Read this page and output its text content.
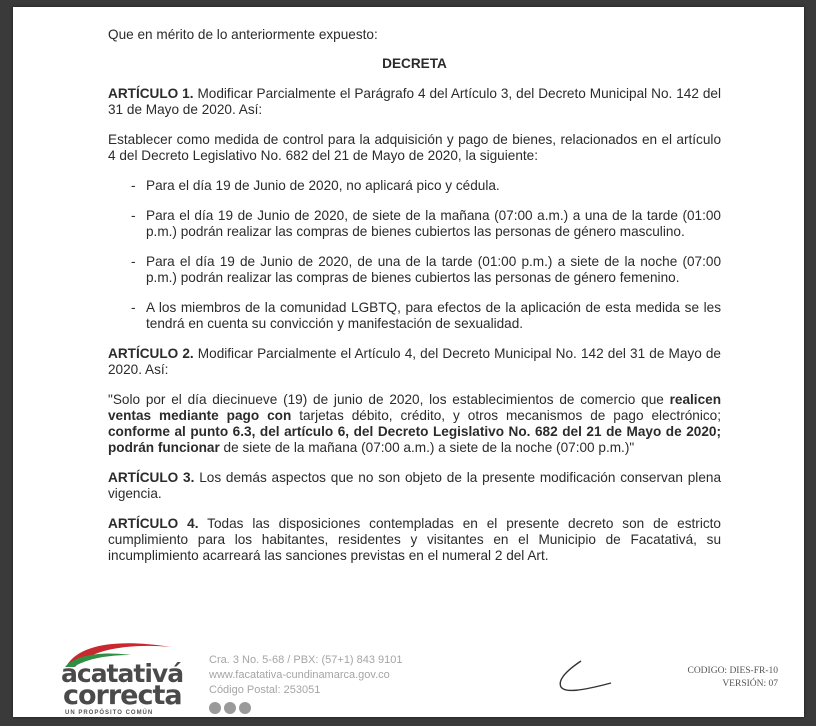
Que en mérito de lo anteriormente expuesto:

DECRETA

ARTÍCULO 1. Modificar Parcialmente el Parágrafo 4 del Artículo 3, del Decreto Municipal No. 142 del 31 de Mayo de 2020. Así:

Establecer como medida de control para la adquisición y pago de bienes, relacionados en el artículo 4 del Decreto Legislativo No. 682 del 21 de Mayo de 2020, la siguiente:

- Para el día 19 de Junio de 2020, no aplicará pico y cédula.
- Para el día 19 de Junio de 2020, de siete de la mañana (07:00 a.m.) a una de la tarde (01:00 p.m.) podrán realizar las compras de bienes cubiertos las personas de género masculino.
- Para el día 19 de Junio de 2020, de una de la tarde (01:00 p.m.) a siete de la noche (07:00 p.m.) podrán realizar las compras de bienes cubiertos las personas de género femenino.
- A los miembros de la comunidad LGBTQ, para efectos de la aplicación de esta medida se les tendrá en cuenta su convicción y manifestación de sexualidad.

ARTÍCULO 2. Modificar Parcialmente el Artículo 4, del Decreto Municipal No. 142 del 31 de Mayo de 2020. Así:

"Solo por el día diecinueve (19) de junio de 2020, los establecimientos de comercio que realicen ventas mediante pago con tarjetas débito, crédito, y otros mecanismos de pago electrónico; conforme al punto 6.3, del artículo 6, del Decreto Legislativo No. 682 del 21 de Mayo de 2020; podrán funcionar de siete de la mañana (07:00 a.m.) a siete de la noche (07:00 p.m.)"

ARTÍCULO 3. Los demás aspectos que no son objeto de la presente modificación conservan plena vigencia.

ARTÍCULO 4. Todas las disposiciones contempladas en el presente decreto son de estricto cumplimiento para los habitantes, residentes y visitantes en el Municipio de Facatativá, su incumplimiento acarreará las sanciones previstas en el numeral 2 del Art.

acatativá
correcta
UN PROPÓSITO COMÚN
Cra. 3 No. 5-68 / PBX: (57+1) 843 9101
www.facatativa-cundinamarca.gov.co
Código Postal: 253051
CODIGO: DIES-FR-10
VERSIÓN: 07
